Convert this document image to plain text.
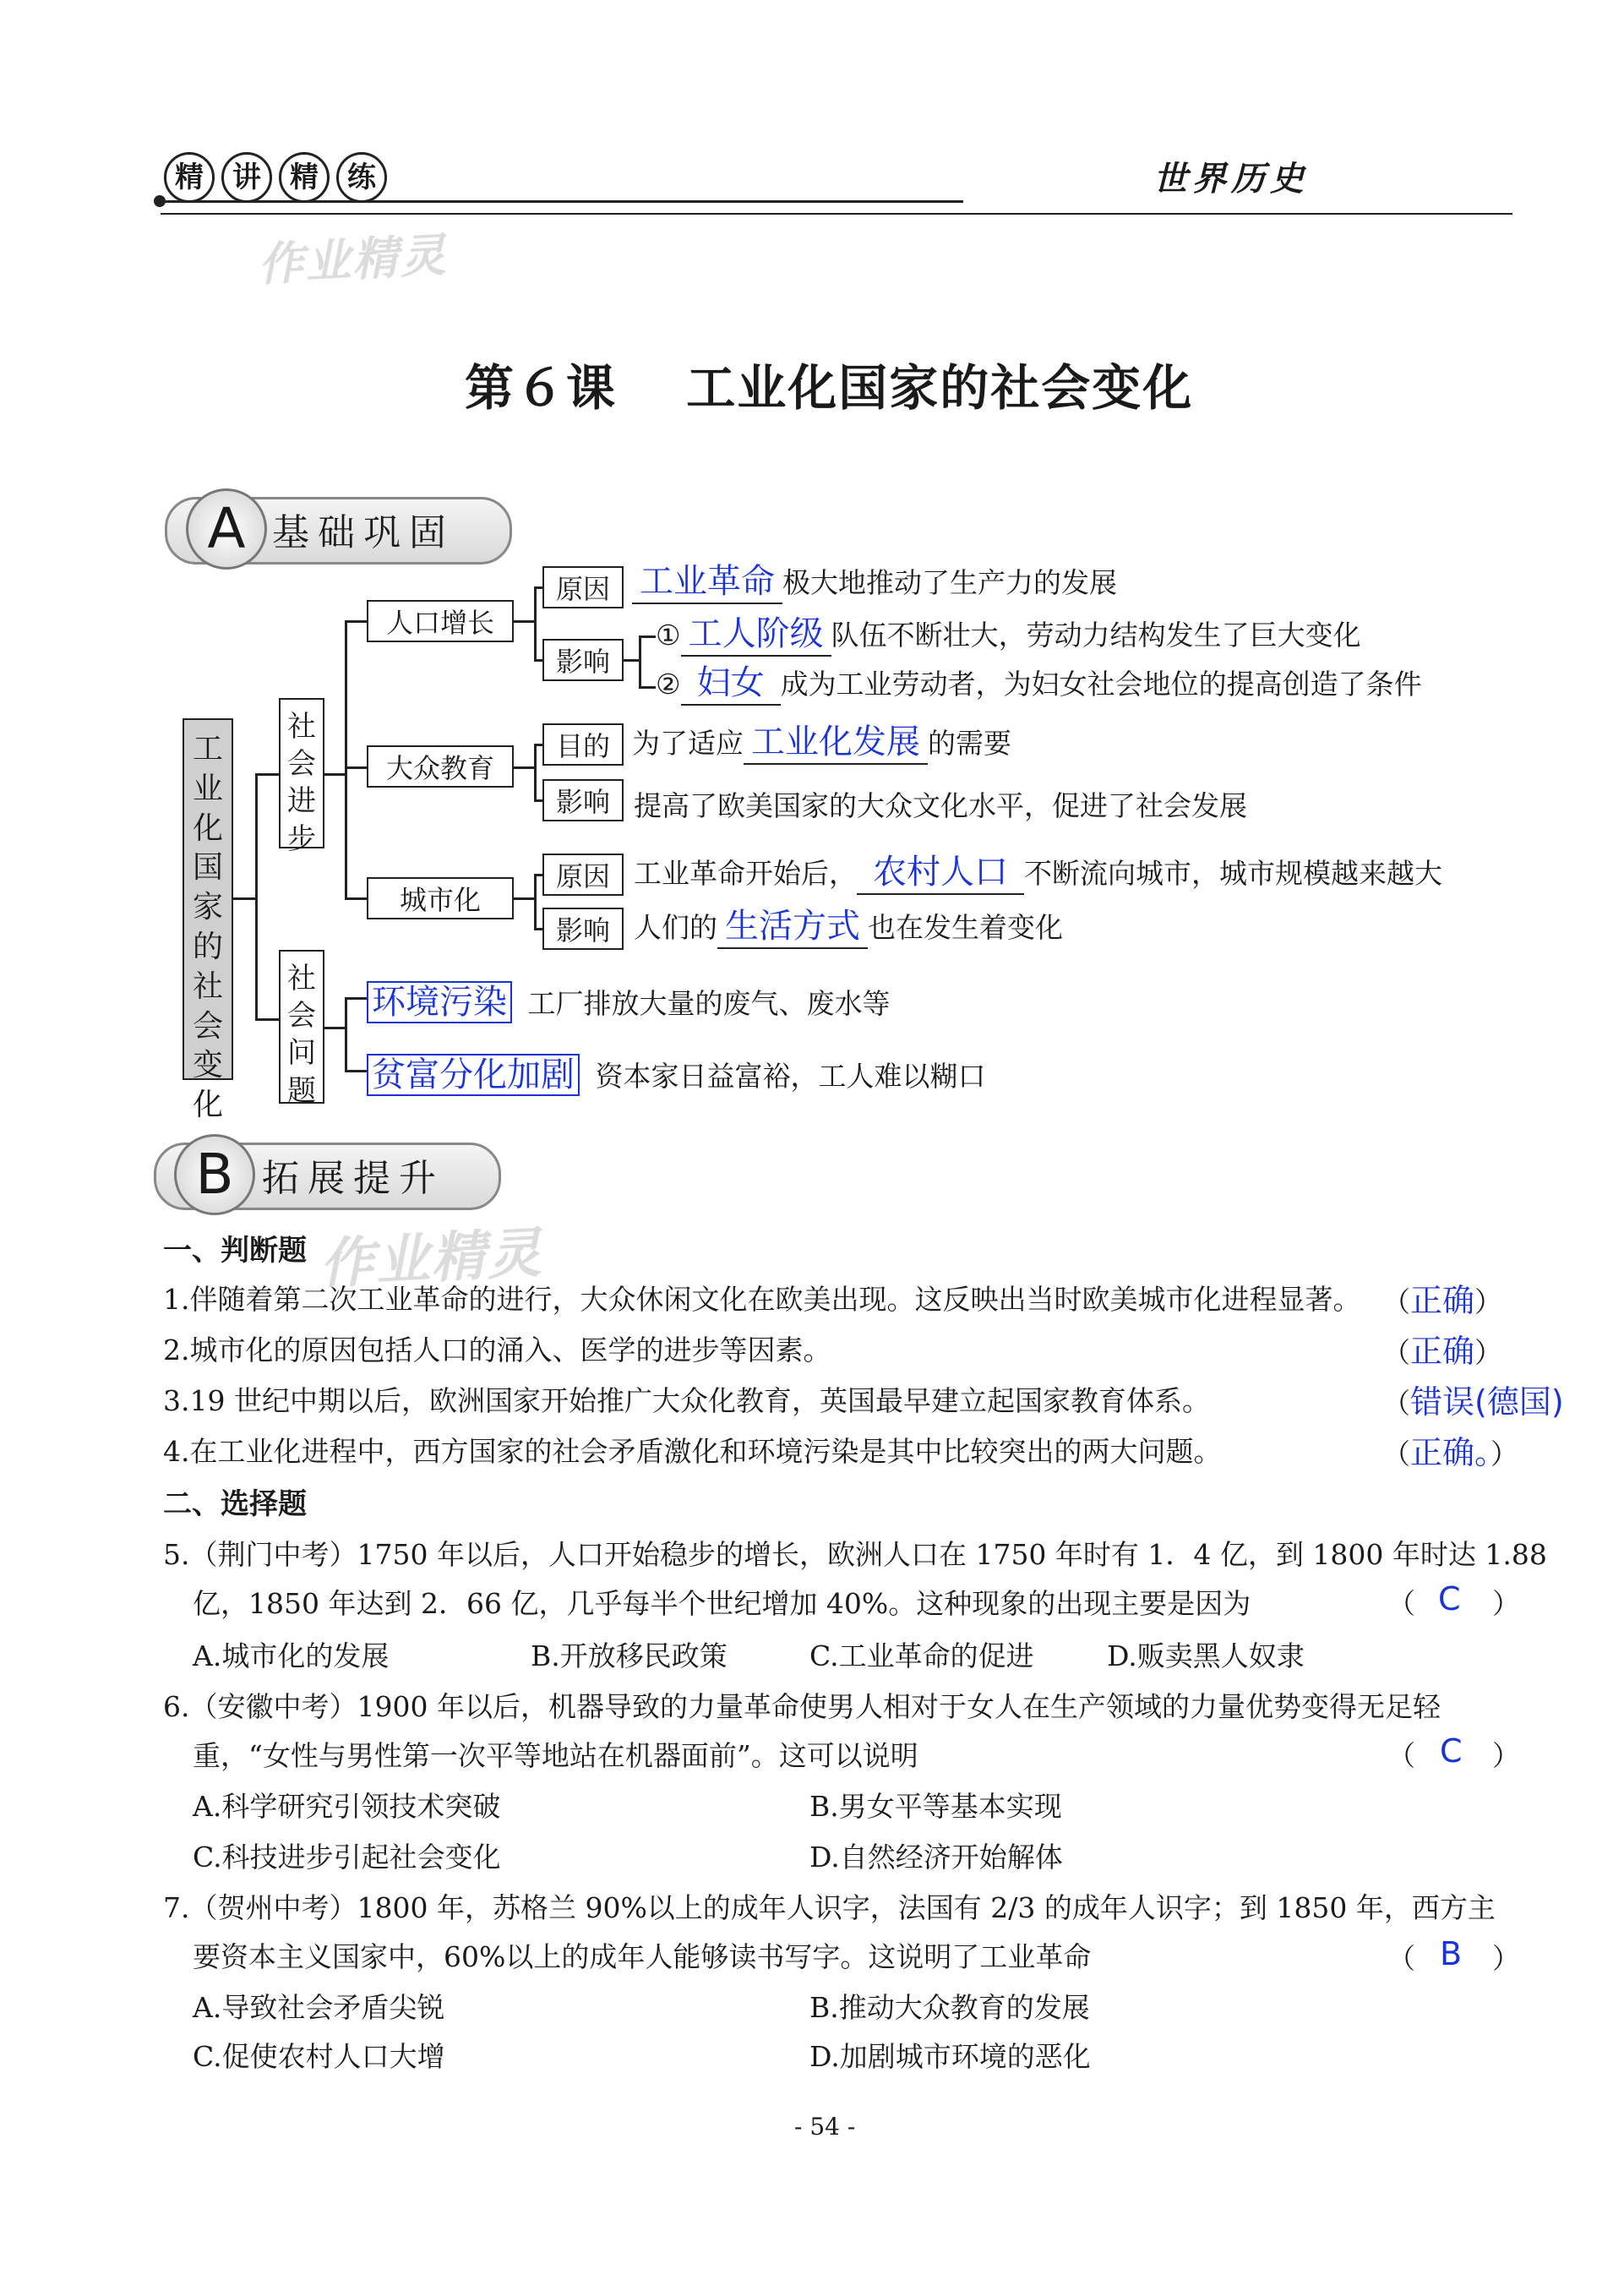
精	讲	精	练	世界历史
作业精灵
第６课　 工业化国家的社会变化
A 基础巩固
工业化国家的社会变化
社会进步
社会问题
人口增长
原因 工业革命 极大地推动了生产力的发展
影响
① 工人阶级 队伍不断壮大，劳动力结构发生了巨大变化
② 妇女 成为工业劳动者，为妇女社会地位的提高创造了条件
大众教育
目的 为了适应 工业化发展 的需要
影响 提高了欧美国家的大众文化水平，促进了社会发展
城市化
原因 工业革命开始后， 农村人口 不断流向城市，城市规模越来越大
影响 人们的 生活方式 也在发生着变化
环境污染 工厂排放大量的废气、废水等
贫富分化加剧 资本家日益富裕，工人难以糊口
B 拓展提升
作业精灵
一、判断题
1.伴随着第二次工业革命的进行，大众休闲文化在欧美出现。这反映出当时欧美城市化进程显著。 （正确）
2.城市化的原因包括人口的涌入、医学的进步等因素。	（正确）
3.19 世纪中期以后，欧洲国家开始推广大众化教育，英国最早建立起国家教育体系。	（错误(德国)
4.在工业化进程中，西方国家的社会矛盾激化和环境污染是其中比较突出的两大问题。	（正确。）
二、选择题
5.（荆门中考）1750 年以后，人口开始稳步的增长，欧洲人口在 1750 年时有 1．4 亿，到 1800 年时达 1.88
亿，1850 年达到 2．66 亿，几乎每半个世纪增加 40%。这种现象的出现主要是因为	（ C ）
A.城市化的发展	B.开放移民政策	C.工业革命的促进	D.贩卖黑人奴隶
6.（安徽中考）1900 年以后，机器导致的力量革命使男人相对于女人在生产领域的力量优势变得无足轻
重，“女性与男性第一次平等地站在机器面前”。这可以说明	（ C ）
A.科学研究引领技术突破	B.男女平等基本实现
C.科技进步引起社会变化	D.自然经济开始解体
7.（贺州中考）1800 年，苏格兰 90%以上的成年人识字，法国有 2/3 的成年人识字；到 1850 年，西方主
要资本主义国家中，60%以上的成年人能够读书写字。这说明了工业革命	（ B ）
A.导致社会矛盾尖锐	B.推动大众教育的发展
C.促使农村人口大增	D.加剧城市环境的恶化
- 54 -
